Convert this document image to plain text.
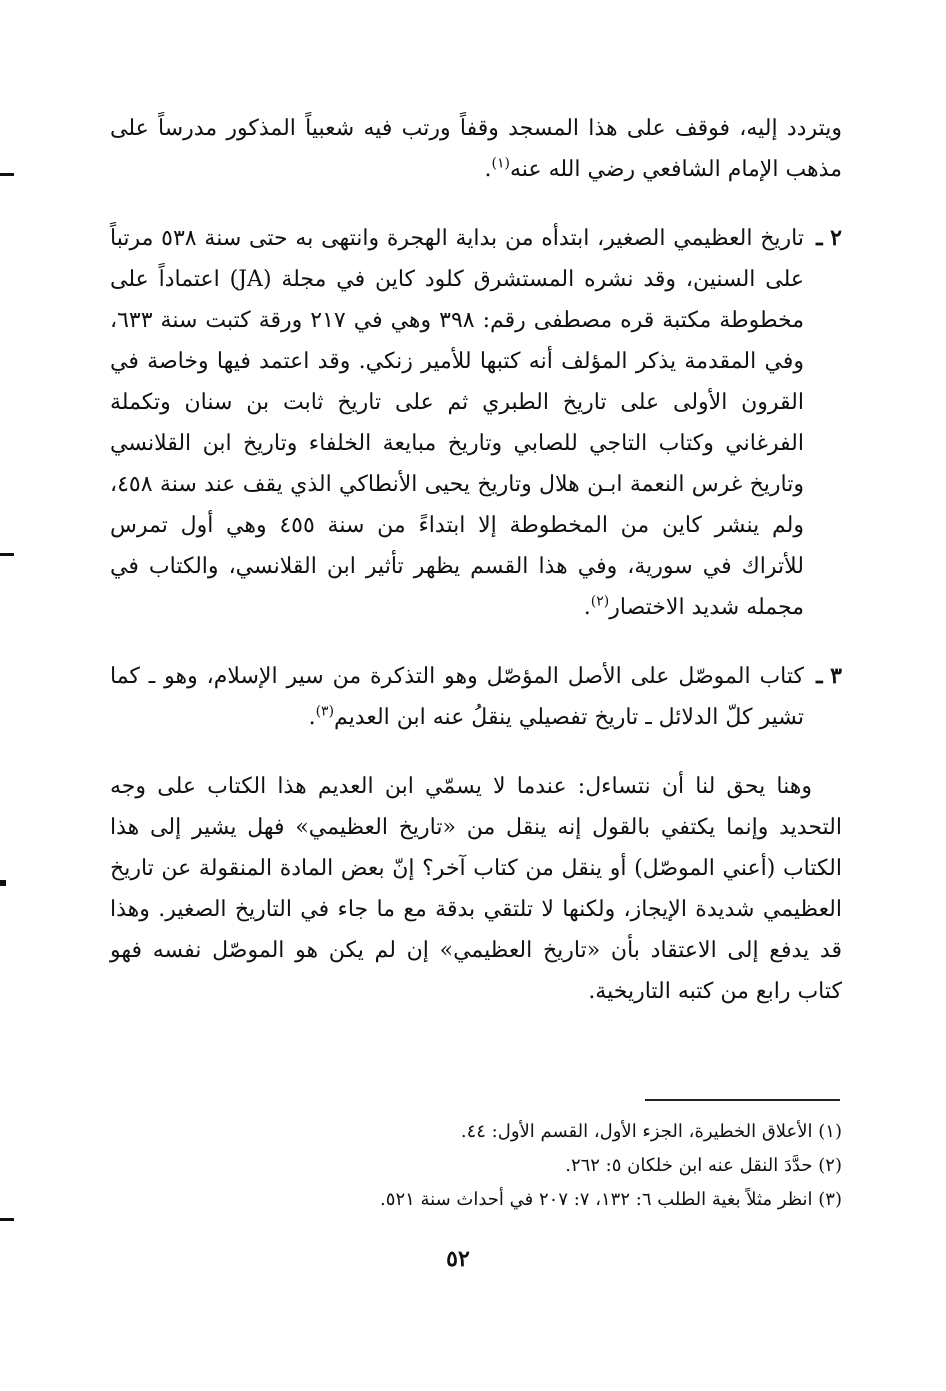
ويتردد إليه، فوقف على هذا المسجد وقفاً ورتب فيه شعبياً المذكور مدرساً على مذهب الإمام الشافعي رضي الله عنه$^{(١)}$.

٢ ـ
تاريخ العظيمي الصغير، ابتدأه من بداية الهجرة وانتهى به حتى سنة ٥٣٨ مرتباً على السنين، وقد نشره المستشرق كلود كاين في مجلة (JA) اعتماداً على مخطوطة مكتبة قره مصطفى رقم: ٣٩٨ وهي في ٢١٧ ورقة كتبت سنة ٦٣٣، وفي المقدمة يذكر المؤلف أنه كتبها للأمير زنكي. وقد اعتمد فيها وخاصة في القرون الأولى على تاريخ الطبري ثم على تاريخ ثابت بن سنان وتكملة الفرغاني وكتاب التاجي للصابي وتاريخ مبايعة الخلفاء وتاريخ ابن القلانسي وتاريخ غرس النعمة ابـن هلال وتاريخ يحيى الأنطاكي الذي يقف عند سنة ٤٥٨، ولم ينشر كاين من المخطوطة إلا ابتداءً من سنة ٤٥٥ وهي أول تمرس للأتراك في سورية، وفي هذا القسم يظهر تأثير ابن القلانسي، والكتاب في مجمله شديد الاختصار$^{(٢)}$.
٣ ـ
كتاب الموصّل على الأصل المؤصّل وهو التذكرة من سير الإسلام، وهو ـ كما تشير كلّ الدلائل ـ تاريخ تفصيلي ينقلُ عنه ابن العديم$^{(٣)}$.

وهنا يحق لنا أن نتساءل: عندما لا يسمّي ابن العديم هذا الكتاب على وجه التحديد وإنما يكتفي بالقول إنه ينقل من «تاريخ العظيمي» فهل يشير إلى هذا الكتاب (أعني الموصّل) أو ينقل من كتاب آخر؟ إنّ بعض المادة المنقولة عن تاريخ العظيمي شديدة الإيجاز، ولكنها لا تلتقي بدقة مع ما جاء في التاريخ الصغير. وهذا قد يدفع إلى الاعتقاد بأن «تاريخ العظيمي» إن لم يكن هو الموصّل نفسه فهو كتاب رابع من كتبه التاريخية.

(١) الأعلاق الخطيرة، الجزء الأول، القسم الأول: ٤٤.

(٢) حدَّدَ النقل عنه ابن خلكان ٥: ٢٦٢.

(٣) انظر مثلاً بغية الطلب ٦: ١٣٢، ٧: ٢٠٧ في أحداث سنة ٥٢١.

٥٢
